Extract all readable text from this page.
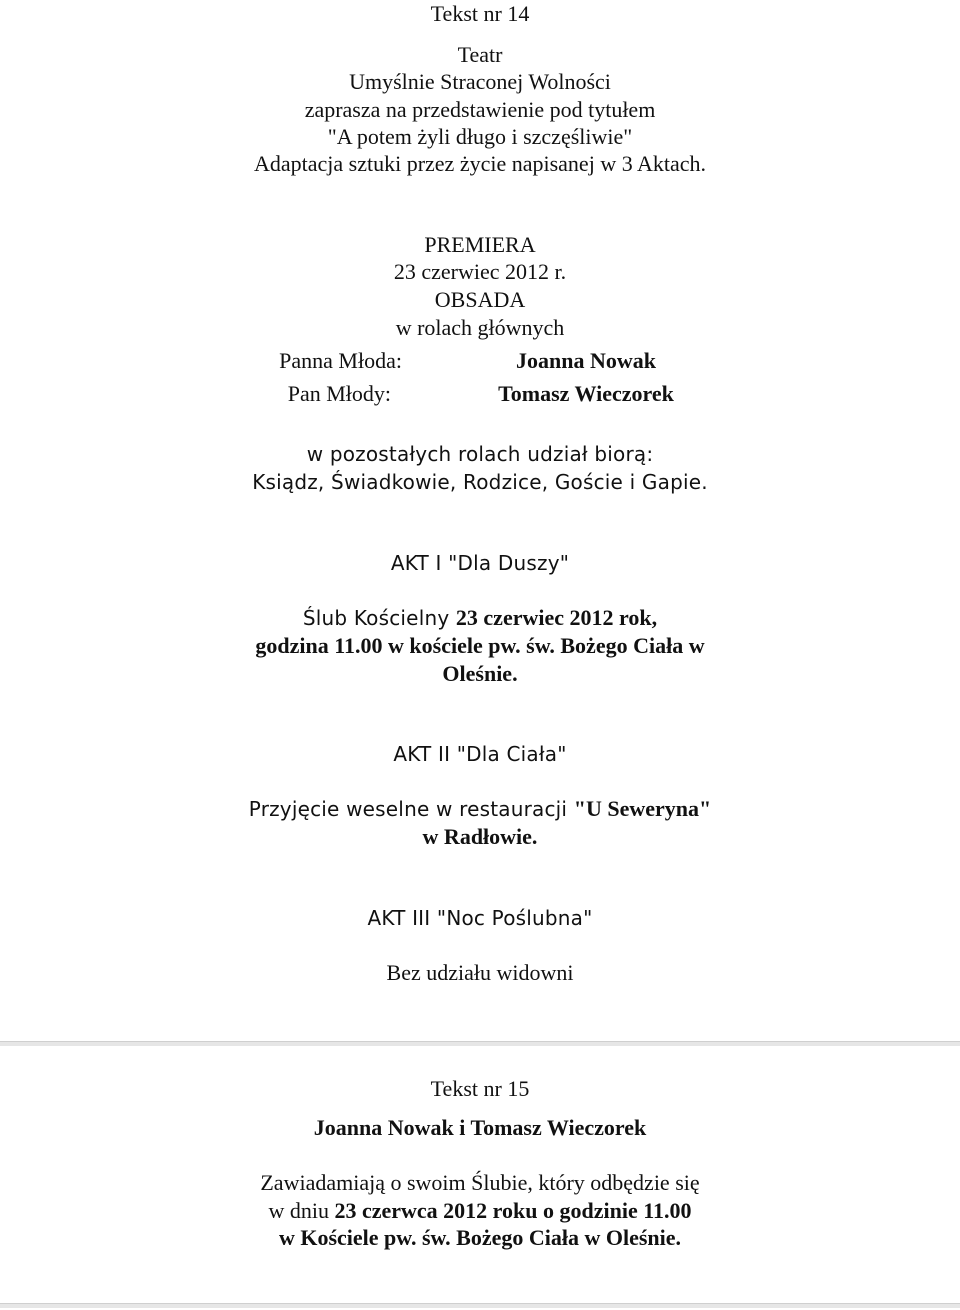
Tekst nr 14
Teatr
Umyślnie Straconej Wolności
zaprasza na przedstawienie pod tytułem
"A potem żyli długo i szczęśliwie"
Adaptacja sztuki przez życie napisanej w 3 Aktach.
PREMIERA
23 czerwiec 2012 r.
OBSADA
w rolach głównych
Panna Młoda:	Joanna Nowak
Pan Młody:	Tomasz Wieczorek
w pozostałych rolach udział biorą:
Ksiądz, Świadkowie, Rodzice, Goście i Gapie.
AKT I "Dla Duszy"
Ślub Kościelny 23 czerwiec 2012 rok,
godzina 11.00 w kościele pw. św. Bożego Ciała w
Oleśnie.
AKT II "Dla Ciała"
Przyjęcie weselne w restauracji "U Seweryna"
w Radłowie.
AKT III "Noc Poślubna"
Bez udziału widowni
Tekst nr 15
Joanna Nowak i Tomasz Wieczorek
Zawiadamiają o swoim Ślubie, który odbędzie się
w dniu 23 czerwca 2012 roku o godzinie 11.00
w Kościele pw. św. Bożego Ciała w Oleśnie.
